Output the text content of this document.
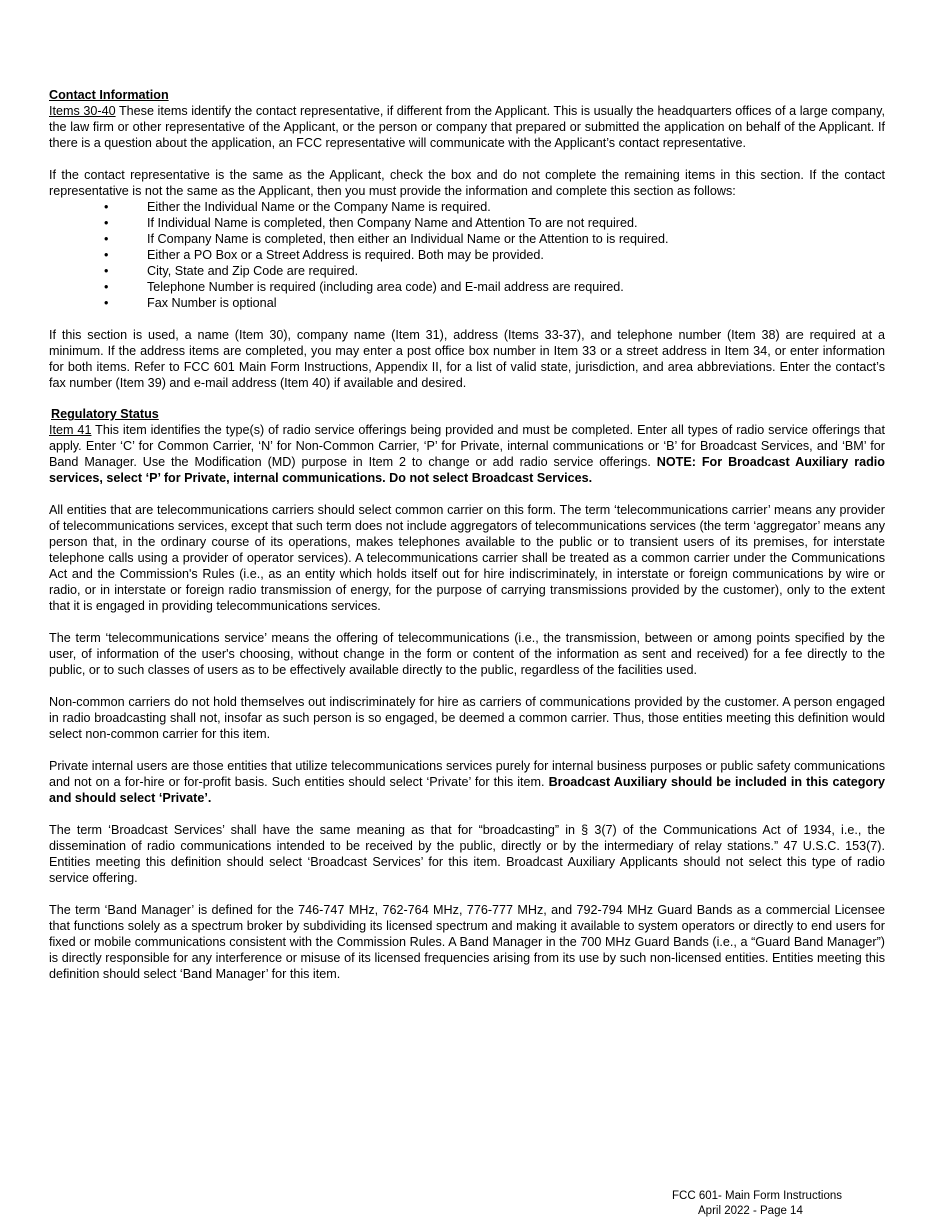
Contact Information

Items 30-40 These items identify the contact representative, if different from the Applicant. This is usually the headquarters offices of a large company, the law firm or other representative of the Applicant, or the person or company that prepared or submitted the application on behalf of the Applicant. If there is a question about the application, an FCC representative will communicate with the Applicant’s contact representative.

If the contact representative is the same as the Applicant, check the box and do not complete the remaining items in this section. If the contact representative is not the same as the Applicant, then you must provide the information and complete this section as follows:

•	Either the Individual Name or the Company Name is required.
•	If Individual Name is completed, then Company Name and Attention To are not required.
•	If Company Name is completed, then either an Individual Name or the Attention to is required.
•	Either a PO Box or a Street Address is required. Both may be provided.
•	City, State and Zip Code are required.
•	Telephone Number is required (including area code) and E-mail address are required.
•	Fax Number is optional

If this section is used, a name (Item 30), company name (Item 31), address (Items 33-37), and telephone number (Item 38) are required at a minimum. If the address items are completed, you may enter a post office box number in Item 33 or a street address in Item 34, or enter information for both items. Refer to FCC 601 Main Form Instructions, Appendix II, for a list of valid state, jurisdiction, and area abbreviations. Enter the contact’s fax number (Item 39) and e-mail address (Item 40) if available and desired.

Regulatory Status

Item 41 This item identifies the type(s) of radio service offerings being provided and must be completed. Enter all types of radio service offerings that apply. Enter ‘C’ for Common Carrier, ‘N’ for Non-Common Carrier, ‘P’ for Private, internal communications or ‘B’ for Broadcast Services, and ‘BM’ for Band Manager. Use the Modification (MD) purpose in Item 2 to change or add radio service offerings. NOTE: For Broadcast Auxiliary radio services, select ‘P’ for Private, internal communications. Do not select Broadcast Services.

All entities that are telecommunications carriers should select common carrier on this form. The term ‘telecommunications carrier’ means any provider of telecommunications services, except that such term does not include aggregators of telecommunications services (the term ‘aggregator’ means any person that, in the ordinary course of its operations, makes telephones available to the public or to transient users of its premises, for interstate telephone calls using a provider of operator services). A telecommunications carrier shall be treated as a common carrier under the Communications Act and the Commission's Rules (i.e., as an entity which holds itself out for hire indiscriminately, in interstate or foreign communications by wire or radio, or in interstate or foreign radio transmission of energy, for the purpose of carrying transmissions provided by the customer), only to the extent that it is engaged in providing telecommunications services.

The term ‘telecommunications service’ means the offering of telecommunications (i.e., the transmission, between or among points specified by the user, of information of the user's choosing, without change in the form or content of the information as sent and received) for a fee directly to the public, or to such classes of users as to be effectively available directly to the public, regardless of the facilities used.

Non-common carriers do not hold themselves out indiscriminately for hire as carriers of communications provided by the customer. A person engaged in radio broadcasting shall not, insofar as such person is so engaged, be deemed a common carrier. Thus, those entities meeting this definition would select non-common carrier for this item.

Private internal users are those entities that utilize telecommunications services purely for internal business purposes or public safety communications and not on a for-hire or for-profit basis. Such entities should select ‘Private’ for this item. Broadcast Auxiliary should be included in this category and should select ‘Private’.

The term ‘Broadcast Services’ shall have the same meaning as that for “broadcasting” in § 3(7) of the Communications Act of 1934, i.e., the dissemination of radio communications intended to be received by the public, directly or by the intermediary of relay stations.” 47 U.S.C. 153(7). Entities meeting this definition should select ‘Broadcast Services’ for this item. Broadcast Auxiliary Applicants should not select this type of radio service offering.

The term ‘Band Manager’ is defined for the 746-747 MHz, 762-764 MHz, 776-777 MHz, and 792-794 MHz Guard Bands as a commercial Licensee that functions solely as a spectrum broker by subdividing its licensed spectrum and making it available to system operators or directly to end users for fixed or mobile communications consistent with the Commission Rules. A Band Manager in the 700 MHz Guard Bands (i.e., a “Guard Band Manager”) is directly responsible for any interference or misuse of its licensed frequencies arising from its use by such non-licensed entities. Entities meeting this definition should select ‘Band Manager’ for this item.

FCC 601- Main Form Instructions
April 2022 - Page 14
